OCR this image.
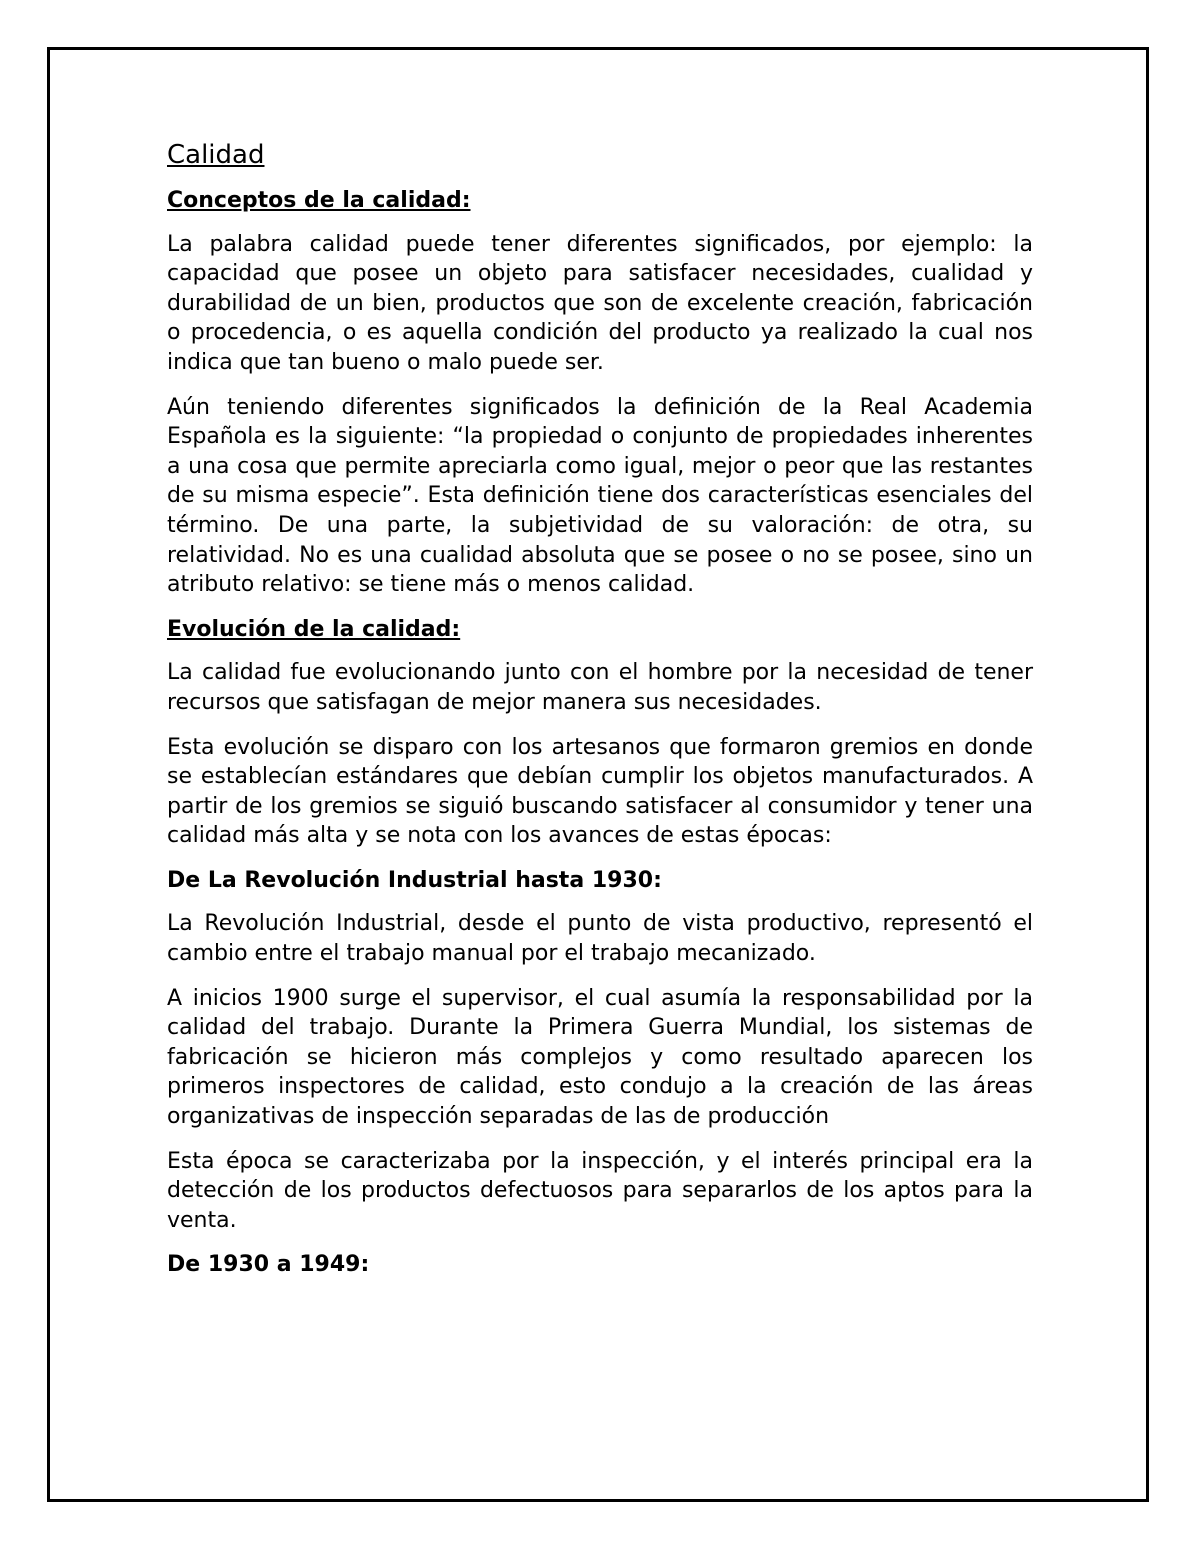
Calidad
Conceptos de la calidad:

La palabra calidad puede tener diferentes significados, por ejemplo: la capacidad que posee un objeto para satisfacer necesidades, cualidad y durabilidad de un bien, productos que son de excelente creación, fabricación o procedencia, o es aquella condición del producto ya realizado la cual nos indica que tan bueno o malo puede ser.

Aún teniendo diferentes significados la definición de la Real Academia Española es la siguiente: “la propiedad o conjunto de propiedades inherentes a una cosa que permite apreciarla como igual, mejor o peor que las restantes de su misma especie”. Esta definición tiene dos características esenciales del término. De una parte, la subjetividad de su valoración: de otra, su relatividad. No es una cualidad absoluta que se posee o no se posee, sino un atributo relativo: se tiene más o menos calidad.

Evolución de la calidad:

La calidad fue evolucionando junto con el hombre por la necesidad de tener recursos que satisfagan de mejor manera sus necesidades.

Esta evolución se disparo con los artesanos que formaron gremios en donde se establecían estándares que debían cumplir los objetos manufacturados. A partir de los gremios se siguió buscando satisfacer al consumidor y tener una calidad más alta y se nota con los avances de estas épocas:

De La Revolución Industrial hasta 1930:

La Revolución Industrial, desde el punto de vista productivo, representó el cambio entre el trabajo manual por el trabajo mecanizado.

A inicios 1900 surge el supervisor, el cual asumía la responsabilidad por la calidad del trabajo. Durante la Primera Guerra Mundial, los sistemas de fabricación se hicieron más complejos y como resultado aparecen los primeros inspectores de calidad, esto condujo a la creación de las áreas organizativas de inspección separadas de las de producción

Esta época se caracterizaba por la inspección, y el interés principal era la detección de los productos defectuosos para separarlos de los aptos para la venta.

De 1930 a 1949:
